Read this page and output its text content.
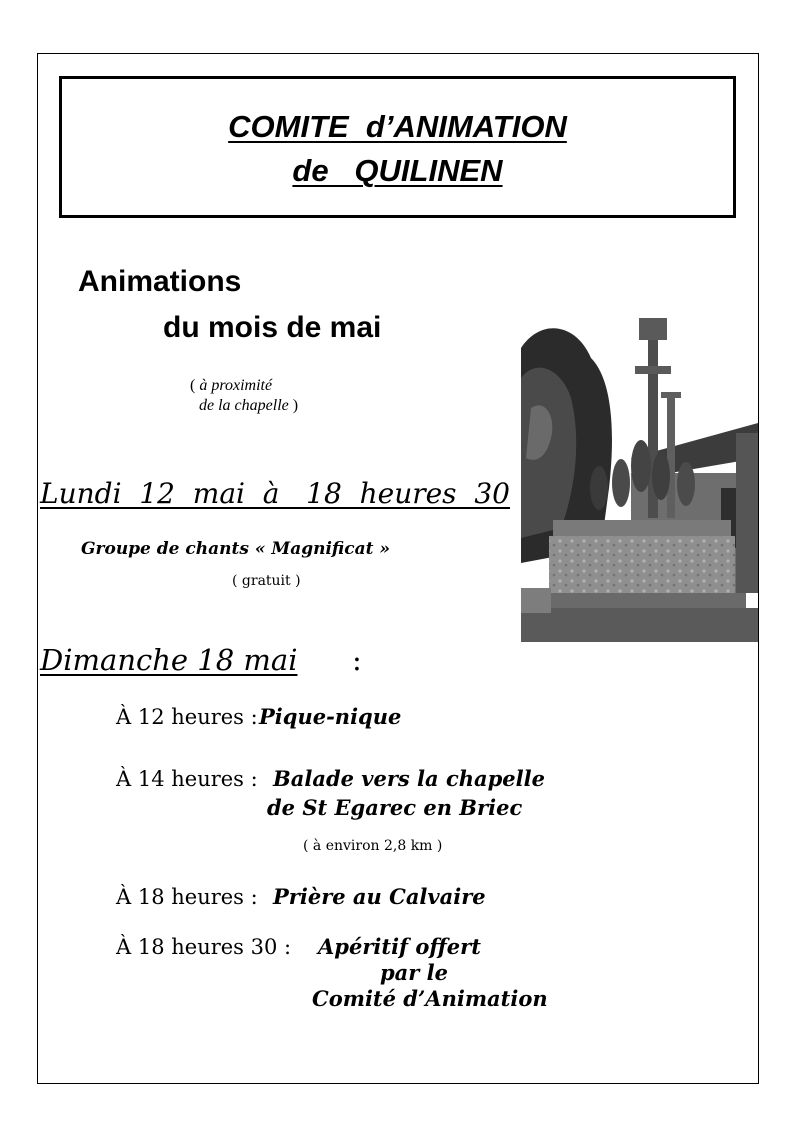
COMITE  d’ANIMATION
de   QUILINEN
Animations
du mois de mai
( à proximité
de la chapelle )
Lundi  12  mai  à   18  heures  30
Groupe de chants « Magnificat »
( gratuit )
Dimanche 18 mai :
À 12 heures : Pique-nique
À 14 heures : Balade vers la chapelle
de St Egarec en Briec
( à environ 2,8 km )
À 18 heures : Prière au Calvaire
À 18 heures 30 : Apéritif offert
par le
Comité d’Animation
